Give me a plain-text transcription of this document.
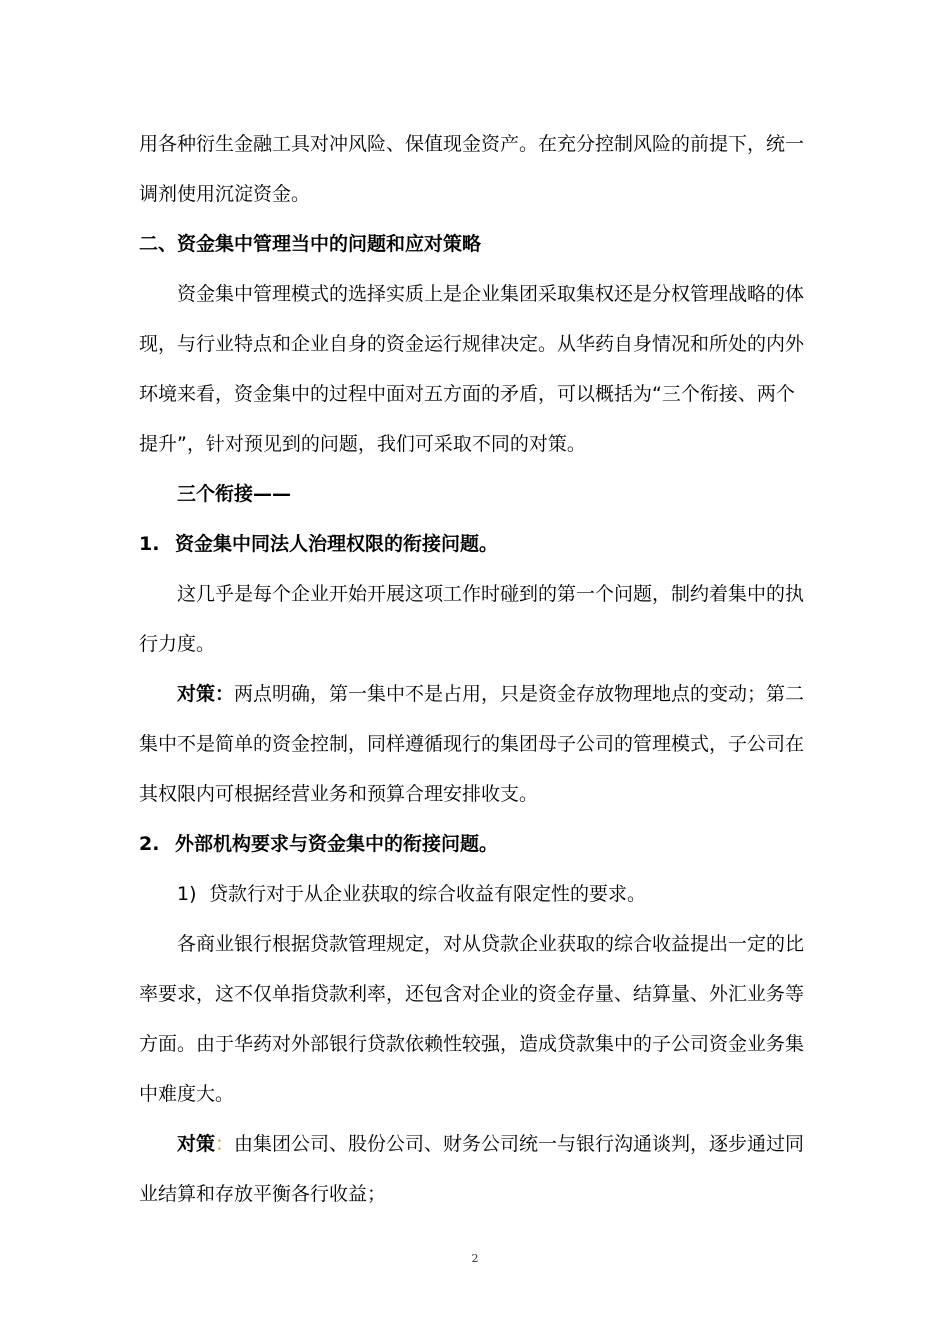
用各种衍生金融工具对冲风险、保值现金资产。在充分控制风险的前提下，统一
调剂使用沉淀资金。
二、资金集中管理当中的问题和应对策略
资金集中管理模式的选择实质上是企业集团采取集权还是分权管理战略的体
现，与行业特点和企业自身的资金运行规律决定。从华药自身情况和所处的内外
环境来看，资金集中的过程中面对五方面的矛盾，可以概括为“三个衔接、两个
提升”，针对预见到的问题，我们可采取不同的对策。
三个衔接——
1. 资金集中同法人治理权限的衔接问题。
这几乎是每个企业开始开展这项工作时碰到的第一个问题，制约着集中的执
行力度。
对策：两点明确，第一集中不是占用，只是资金存放物理地点的变动；第二
集中不是简单的资金控制，同样遵循现行的集团母子公司的管理模式，子公司在
其权限内可根据经营业务和预算合理安排收支。
2. 外部机构要求与资金集中的衔接问题。
1) 贷款行对于从企业获取的综合收益有限定性的要求。
各商业银行根据贷款管理规定，对从贷款企业获取的综合收益提出一定的比
率要求，这不仅单指贷款利率，还包含对企业的资金存量、结算量、外汇业务等
方面。由于华药对外部银行贷款依赖性较强，造成贷款集中的子公司资金业务集
中难度大。
对策：由集团公司、股份公司、财务公司统一与银行沟通谈判，逐步通过同
业结算和存放平衡各行收益；
2
